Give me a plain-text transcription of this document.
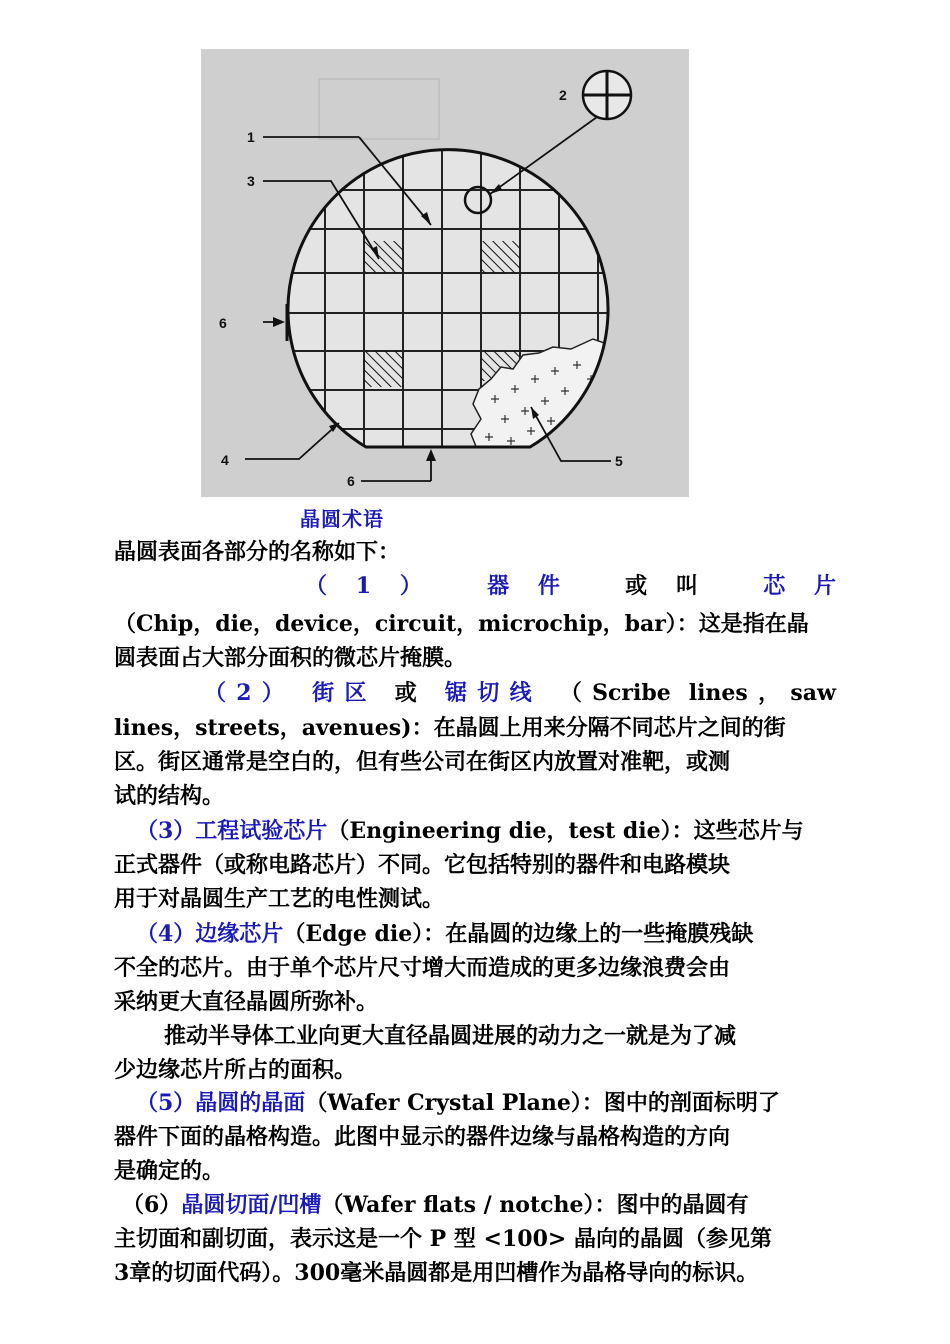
1
2
3
4	5
6
6
晶圆术语
晶圆表面各部分的名称如下：
（1） 器件 或叫 芯片
（Chip，die，device，circuit，microchip，bar）：这是指在晶
圆表面占大部分面积的微芯片掩膜。
（2） 街区 或 锯切线 （Scribe lines，saw
lines，streets，avenues)：在晶圆上用来分隔不同芯片之间的街
区。街区通常是空白的，但有些公司在街区内放置对准靶，或测
试的结构。
（3）工程试验芯片（Engineering die，test die）：这些芯片与
正式器件（或称电路芯片）不同。它包括特别的器件和电路模块
用于对晶圆生产工艺的电性测试。
（4）边缘芯片（Edge die）：在晶圆的边缘上的一些掩膜残缺
不全的芯片。由于单个芯片尺寸增大而造成的更多边缘浪费会由
采纳更大直径晶圆所弥补。
推动半导体工业向更大直径晶圆进展的动力之一就是为了减
少边缘芯片所占的面积。
（5）晶圆的晶面（Wafer Crystal Plane）：图中的剖面标明了
器件下面的晶格构造。此图中显示的器件边缘与晶格构造的方向
是确定的。
（6）晶圆切面/凹槽（Wafer flats / notche）：图中的晶圆有
主切面和副切面，表示这是一个 P 型 <100> 晶向的晶圆（参见第
3章的切面代码）。300毫米晶圆都是用凹槽作为晶格导向的标识。
